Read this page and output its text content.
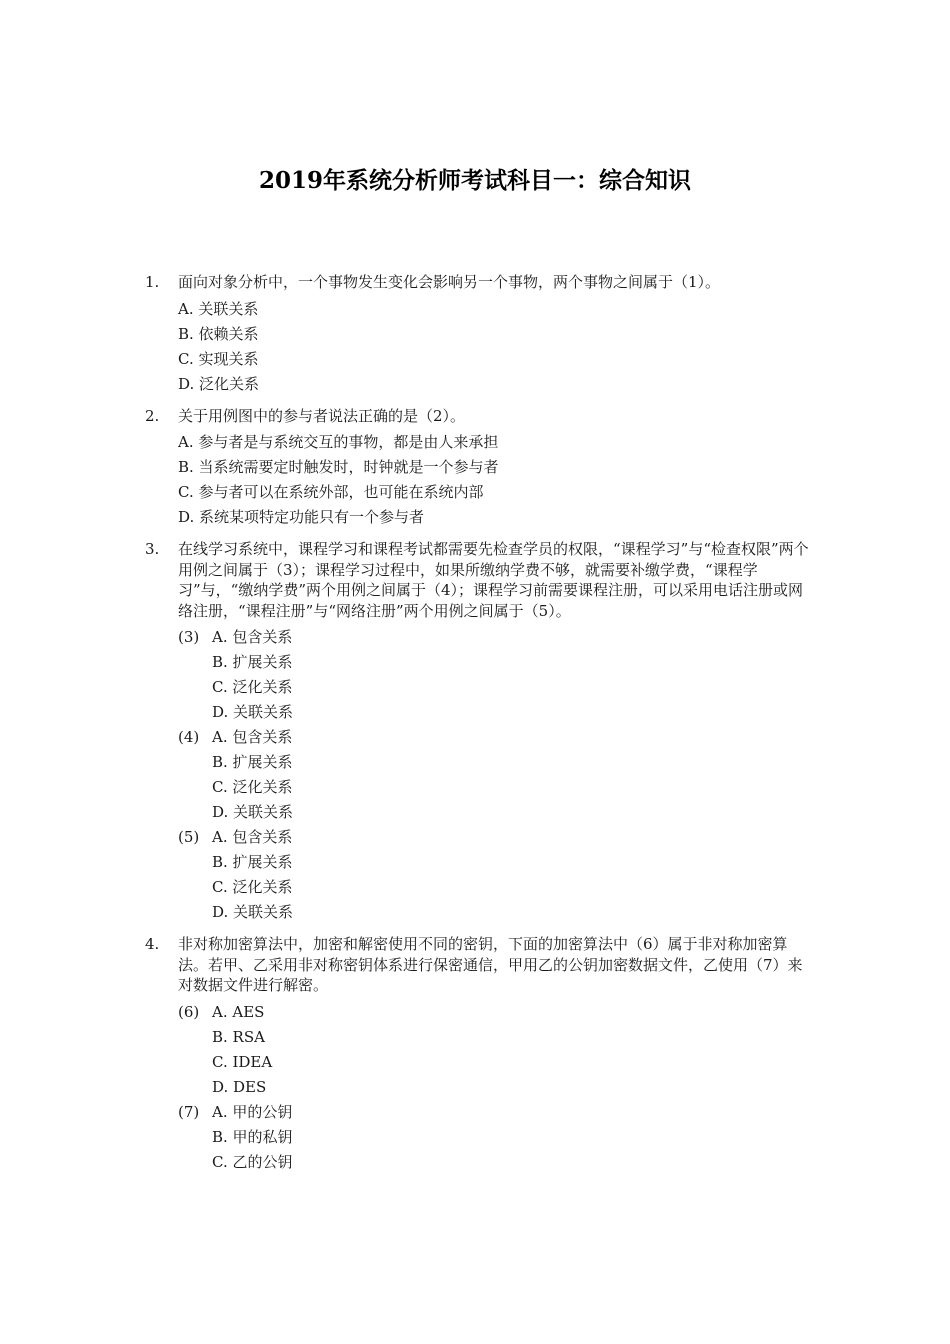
2019年系统分析师考试科目一：综合知识
1. 面向对象分析中，一个事物发生变化会影响另一个事物，两个事物之间属于（1）。
A. 关联关系
B. 依赖关系
C. 实现关系
D. 泛化关系
2. 关于用例图中的参与者说法正确的是（2）。
A. 参与者是与系统交互的事物，都是由人来承担
B. 当系统需要定时触发时，时钟就是一个参与者
C. 参与者可以在系统外部，也可能在系统内部
D. 系统某项特定功能只有一个参与者
3. 在线学习系统中，课程学习和课程考试都需要先检查学员的权限，“课程学习”与“检查权限”两个用例之间属于（3）；课程学习过程中，如果所缴纳学费不够，就需要补缴学费，“课程学习”与，“缴纳学费”两个用例之间属于（4）；课程学习前需要课程注册，可以采用电话注册或网络注册，“课程注册”与“网络注册”两个用例之间属于（5）。
(3) A. 包含关系
B. 扩展关系
C. 泛化关系
D. 关联关系
(4) A. 包含关系
B. 扩展关系
C. 泛化关系
D. 关联关系
(5) A. 包含关系
B. 扩展关系
C. 泛化关系
D. 关联关系
4. 非对称加密算法中，加密和解密使用不同的密钥，下面的加密算法中（6）属于非对称加密算法。若甲、乙采用非对称密钥体系进行保密通信，甲用乙的公钥加密数据文件，乙使用（7）来对数据文件进行解密。
(6) A. AES
B. RSA
C. IDEA
D. DES
(7) A. 甲的公钥
B. 甲的私钥
C. 乙的公钥
